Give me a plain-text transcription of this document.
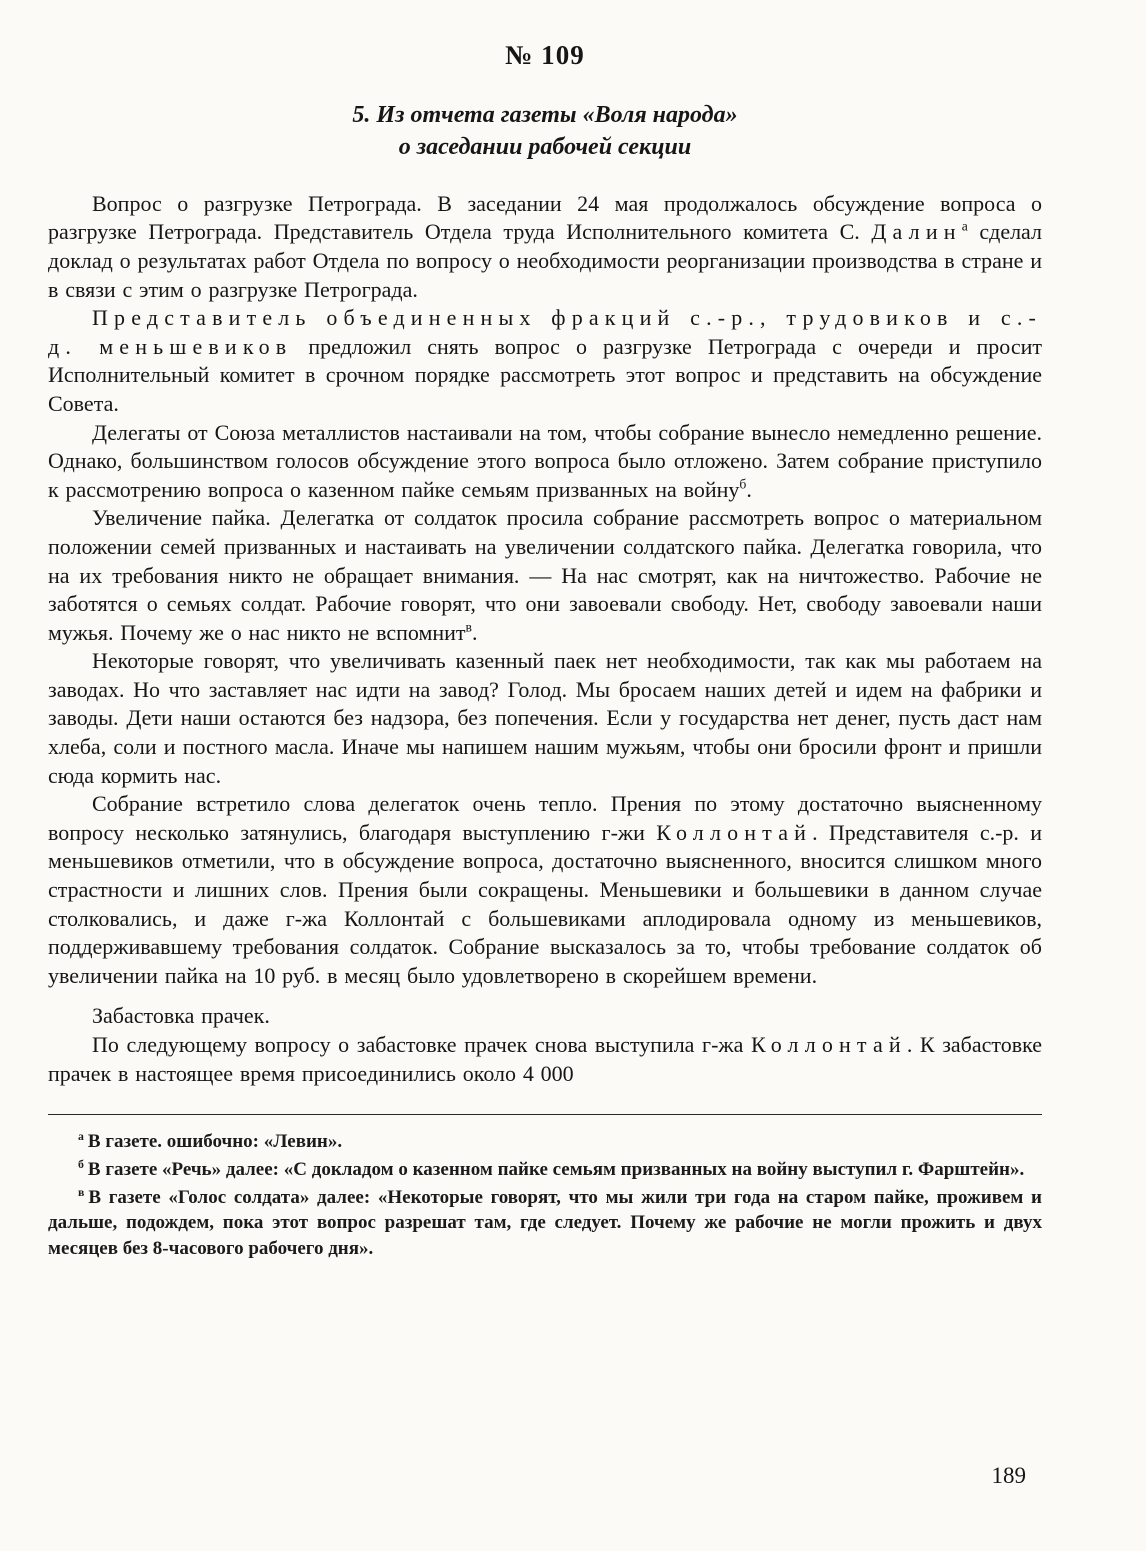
№ 109
5. Из отчета газеты «Воля народа»
о заседании рабочей секции

Вопрос о разгрузке Петрограда. В заседании 24 мая продолжалось обсуждение вопроса о разгрузке Петрограда. Представитель Отдела труда Исполнительного комитета С. Далин$^а$ сделал доклад о результатах работ Отдела по вопросу о необходимости реорганизации производства в стране и в связи с этим о разгрузке Петрограда.

Представитель объединенных фракций с.-р., трудовиков и с.-д. меньшевиков предложил снять вопрос о разгрузке Петрограда с очереди и просит Исполнительный комитет в срочном порядке рассмотреть этот вопрос и представить на обсуждение Совета.

Делегаты от Союза металлистов настаивали на том, чтобы собрание вынесло немедленно решение. Однако, большинством голосов обсуждение этого вопроса было отложено. Затем собрание приступило к рассмотрению вопроса о казенном пайке семьям призванных на войну$^б$.

Увеличение пайка. Делегатка от солдаток просила собрание рассмотреть вопрос о материальном положении семей призванных и настаивать на увеличении солдатского пайка. Делегатка говорила, что на их требования никто не обращает внимания. — На нас смотрят, как на ничтожество. Рабочие не заботятся о семьях солдат. Рабочие говорят, что они завоевали свободу. Нет, свободу завоевали наши мужья. Почему же о нас никто не вспомнит$^в$.

Некоторые говорят, что увеличивать казенный паек нет необходимости, так как мы работаем на заводах. Но что заставляет нас идти на завод? Голод. Мы бросаем наших детей и идем на фабрики и заводы. Дети наши остаются без надзора, без попечения. Если у государства нет денег, пусть даст нам хлеба, соли и постного масла. Иначе мы напишем нашим мужьям, чтобы они бросили фронт и пришли сюда кормить нас.

Собрание встретило слова делегаток очень тепло. Прения по этому достаточно выясненному вопросу несколько затянулись, благодаря выступлению г-жи Коллонтай. Представителя с.-р. и меньшевиков отметили, что в обсуждение вопроса, достаточно выясненного, вносится слишком много страстности и лишних слов. Прения были сокращены. Меньшевики и большевики в данном случае столковались, и даже г-жа Коллонтай с большевиками аплодировала одному из меньшевиков, поддерживавшему требования солдаток. Собрание высказалось за то, чтобы требование солдаток об увеличении пайка на 10 руб. в месяц было удовлетворено в скорейшем времени.

Забастовка прачек.

По следующему вопросу о забастовке прачек снова выступила г-жа Коллонтай. К забастовке прачек в настоящее время присоединились около 4 000

$^а$ В газете. ошибочно: «Левин».

$^б$ В газете «Речь» далее: «С докладом о казенном пайке семьям призванных на войну выступил г. Фарштейн».

$^в$ В газете «Голос солдата» далее: «Некоторые говорят, что мы жили три года на старом пайке, проживем и дальше, подождем, пока этот вопрос разрешат там, где следует. Почему же рабочие не могли прожить и двух месяцев без 8-часового рабочего дня».

189
